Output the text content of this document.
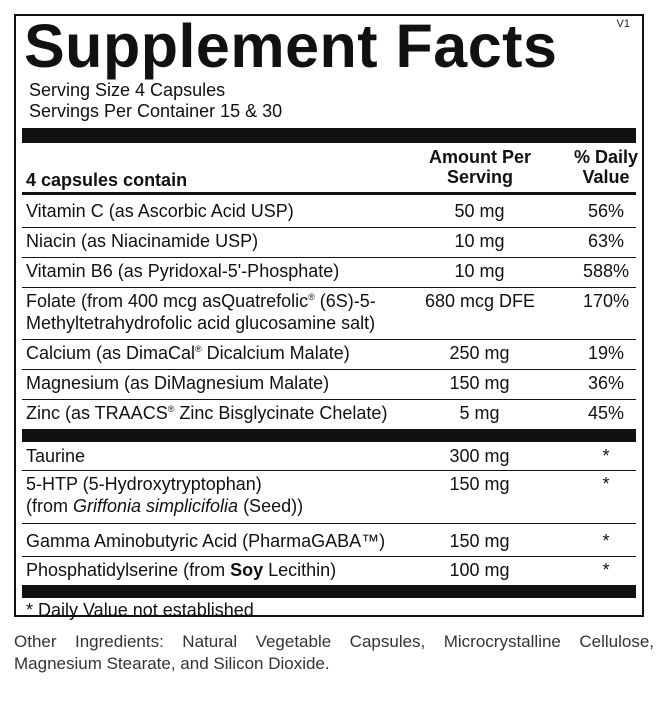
V1
Supplement Facts
Serving Size 4 Capsules
Servings Per Container 15 & 30
4 capsules contain
Amount Per
Serving
% Daily
Value
Vitamin C (as Ascorbic Acid USP)	50 mg	56%
Niacin (as Niacinamide USP)	10 mg	63%
Vitamin B6 (as Pyridoxal-5'-Phosphate)	10 mg	588%
Folate (from 400 mcg asQuatrefolic® (6S)-5-
Methyltetrahydrofolic acid glucosamine salt)
680 mcg DFE	170%
Calcium (as DimaCal® Dicalcium Malate)	250 mg	19%
Magnesium (as DiMagnesium Malate)	150 mg	36%
Zinc (as TRAACS® Zinc Bisglycinate Chelate)	5 mg	45%
Taurine	300 mg	*
5-HTP (5-Hydroxytryptophan)
(from Griffonia simplicifolia (Seed))
150 mg	*
Gamma Aminobutyric Acid (PharmaGABA™)	150 mg	*
Phosphatidylserine (from Soy Lecithin)	100 mg	*
* Daily Value not established
Other Ingredients: Natural Vegetable Capsules, Microcrystalline Cellulose,
Magnesium Stearate, and Silicon Dioxide.
